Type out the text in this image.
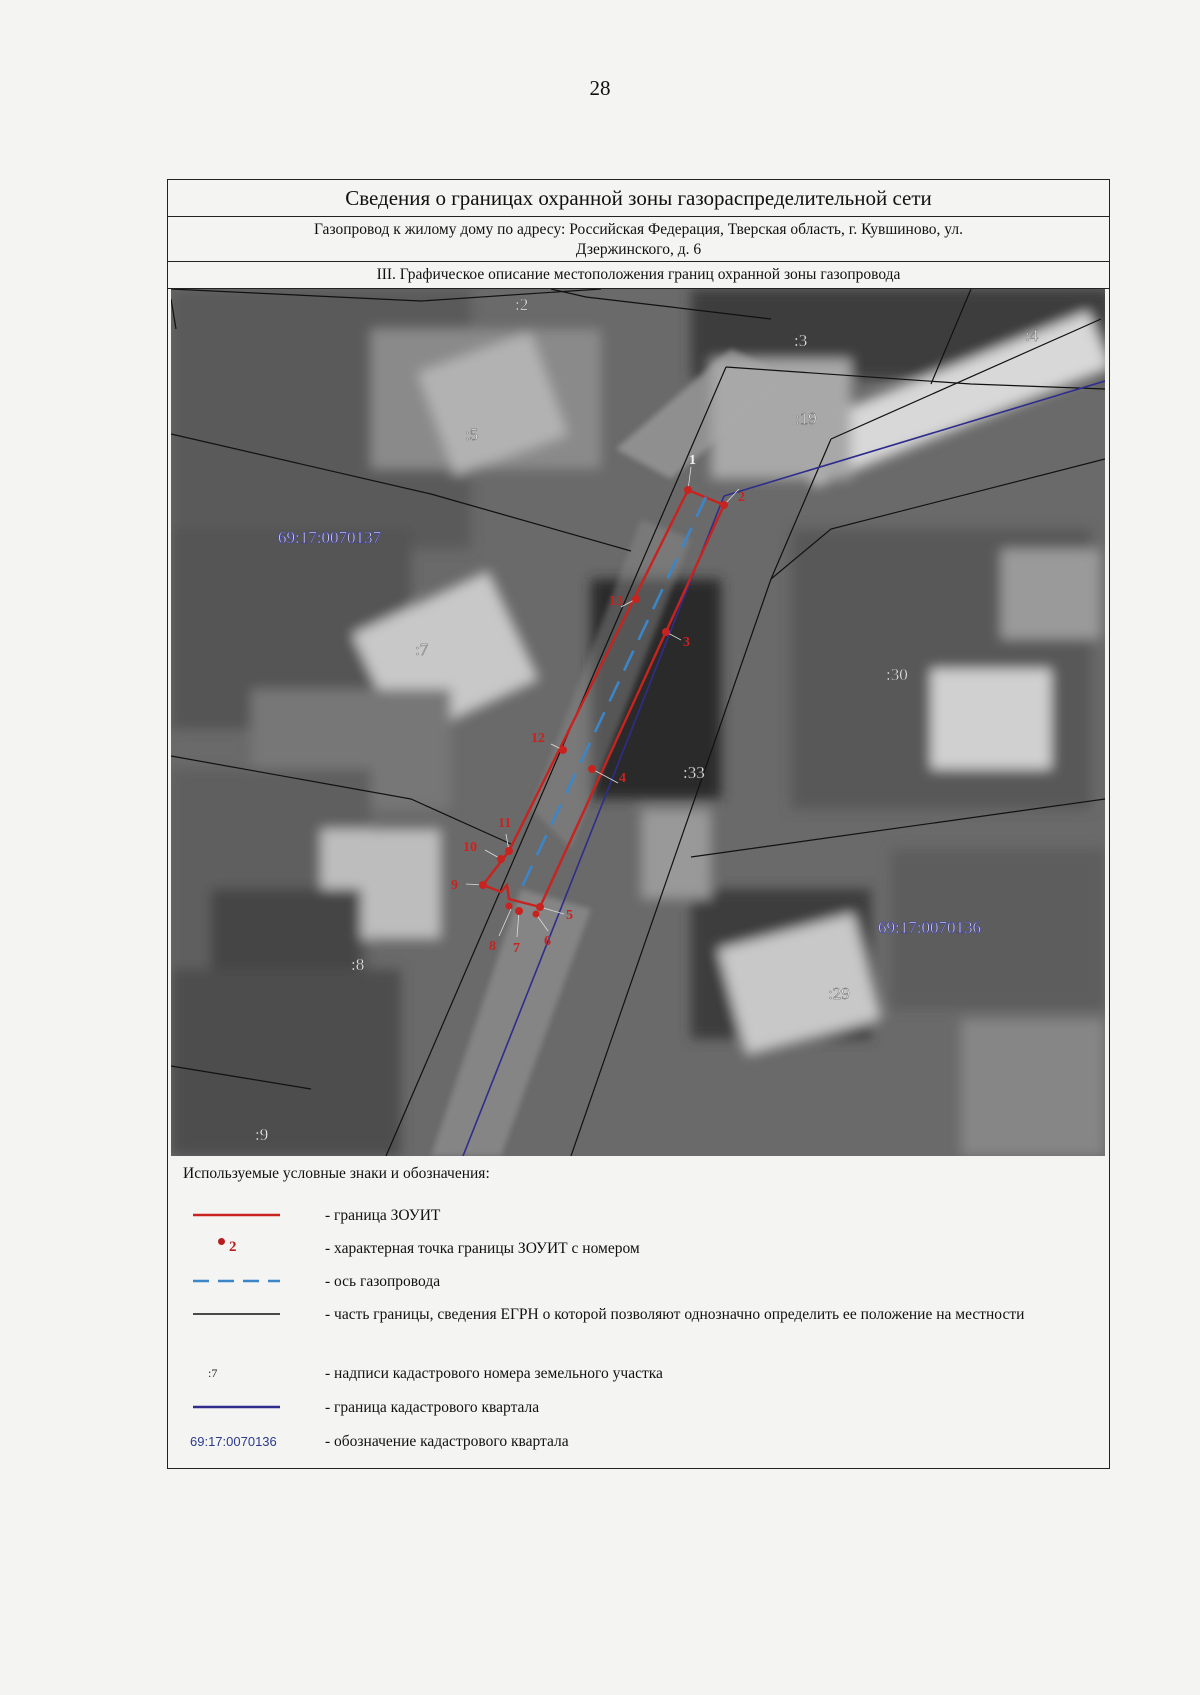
28
Сведения о границах охранной зоны газораспределительной сети
Газопровод к жилому дому по адресу: Российская Федерация, Тверская область, г. Кувшиново, ул.
Дзержинского, д. 6
III. Графическое описание местоположения границ охранной зоны газопровода
1
2
3
4
5
6
7
8
9
10
11
12
13
:2
:3	:4
:5
:19
:7
:30
:33
:8
:29
:9
69:17:0070137
69:17:0070136
Используемые условные знаки и обозначения:
- граница ЗОУИТ
2	- характерная точка границы ЗОУИТ с номером
- ось газопровода
- часть границы, сведения ЕГРН о которой позволяют однозначно определить ее положение на местности
:7	- надписи кадастрового номера земельного участка
- граница кадастрового квартала
69:17:0070136	- обозначение кадастрового квартала
